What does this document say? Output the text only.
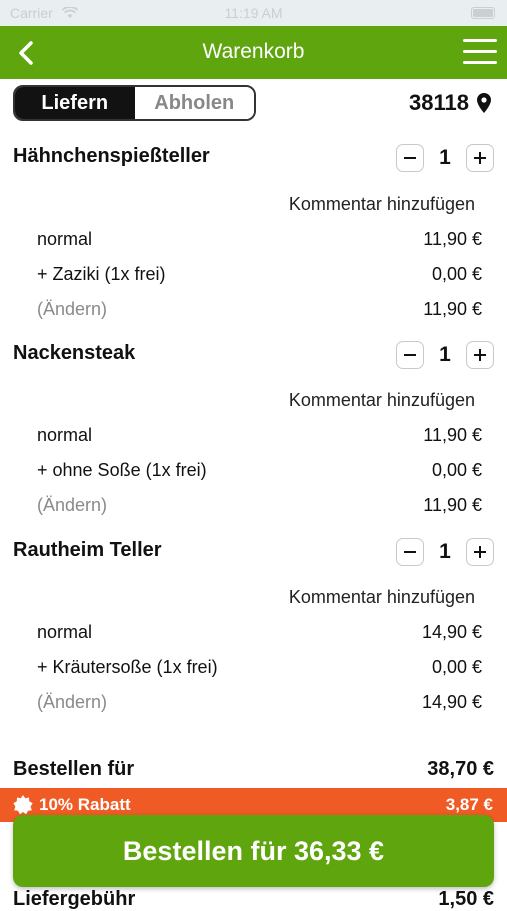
Carrier	11:19 AM
Warenkorb
Liefern	Abholen	38118
Hähnchenspießteller	1
Kommentar hinzufügen
normal	11,90 €
+ Zaziki (1x frei)	0,00 €
(Ändern)	11,90 €
Nackensteak	1
Kommentar hinzufügen
normal	11,90 €
+ ohne Soße (1x frei)	0,00 €
(Ändern)	11,90 €
Rautheim Teller	1
Kommentar hinzufügen
normal	14,90 €
+ Kräutersoße (1x frei)	0,00 €
(Ändern)	14,90 €
Bestellen für	38,70 €
10% Rabatt	3,87 €
Liefergebühr	1,50 €
Bestellen für 36,33 €
